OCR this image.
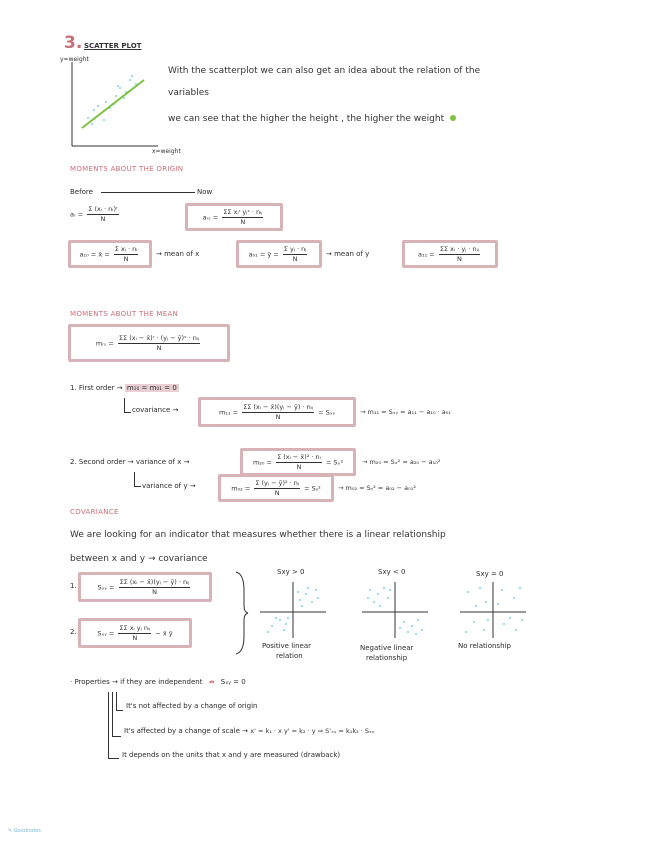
3. SCATTER PLOT
y=weight
x=weight
With the scatterplot we can also get an idea about the relation of the
variables
we can see that the higher the height , the higher the weight
MOMENTS ABOUT THE ORIGIN
Before	Now
aᵣ = $\frac{\text{Σ (xᵢ · nᵢ)ʳ}}{N}$	aᵣₛ = $\frac{\text{ΣΣ xᵢʳ yⱼˢ · nᵢⱼ}}{N}$
a₁₀ = x̄ = $\frac{\text{Σ xᵢ · nᵢ}}{N}$	→ mean of x	a₀₁ = ȳ = $\frac{\text{Σ yⱼ · nⱼ}}{N}$	→ mean of y	$a_{11} = \frac{\text{ΣΣ xᵢ · yⱼ · nᵢⱼ}}{N}$
MOMENTS ABOUT THE MEAN
mᵣₛ = $\frac{\text{ΣΣ (xᵢ − x̄)ʳ · (yⱼ − ȳ)ˢ · nᵢⱼ}}{N}$
1. First order → m₁₀ = m₀₁ = 0
covariance →	$m_{11} = \frac{\text{ΣΣ (xᵢ − x̄)(yⱼ − ȳ) · nᵢⱼ}}{N}$ = Sₓᵧ	→ m₁₁ = Sₓᵧ = a₁₁ − a₁₀ · a₀₁
2. Second order → variance of x →	$m_{20} = \frac{\text{Σ (xᵢ − x̄)² · nᵢ}}{N} = S_x^2$	→ m₂₀ = Sₓ² = a₂₀ − a₁₀²
variance of y →	$m_{02} = \frac{\text{Σ (yⱼ − ȳ)² · nⱼ}}{N}$ = Sᵧ²	→ m₀₂ = Sᵧ² = a₀₂ − a₀₁²
COVARIANCE
We are looking for an indicator that measures whether there is a linear relationship
between x and y → covariance
1.	Sₓᵧ = $\frac{\text{ΣΣ (xᵢ − x̄)(yⱼ − ȳ) · nᵢⱼ}}{N}$
2.	Sₓᵧ = $\frac{\text{ΣΣ xᵢ yⱼ nᵢⱼ}}{N}$ − x̄ ȳ
Sxy > 0	Sxy < 0	Sxy = 0
Positive linear
relation
Negative linear
relationship
No relationship
· Properties → if they are independent ⇏ Sₓᵧ = 0
It's not affected by a change of origin
It's affected by a change of scale → x' = k₁ · x y' = k₂ · y ⇒ S'ₓᵧ = k₁k₂ · Sₓᵧ
It depends on the units that x and y are measured (drawback)
✎ Goodnotes
